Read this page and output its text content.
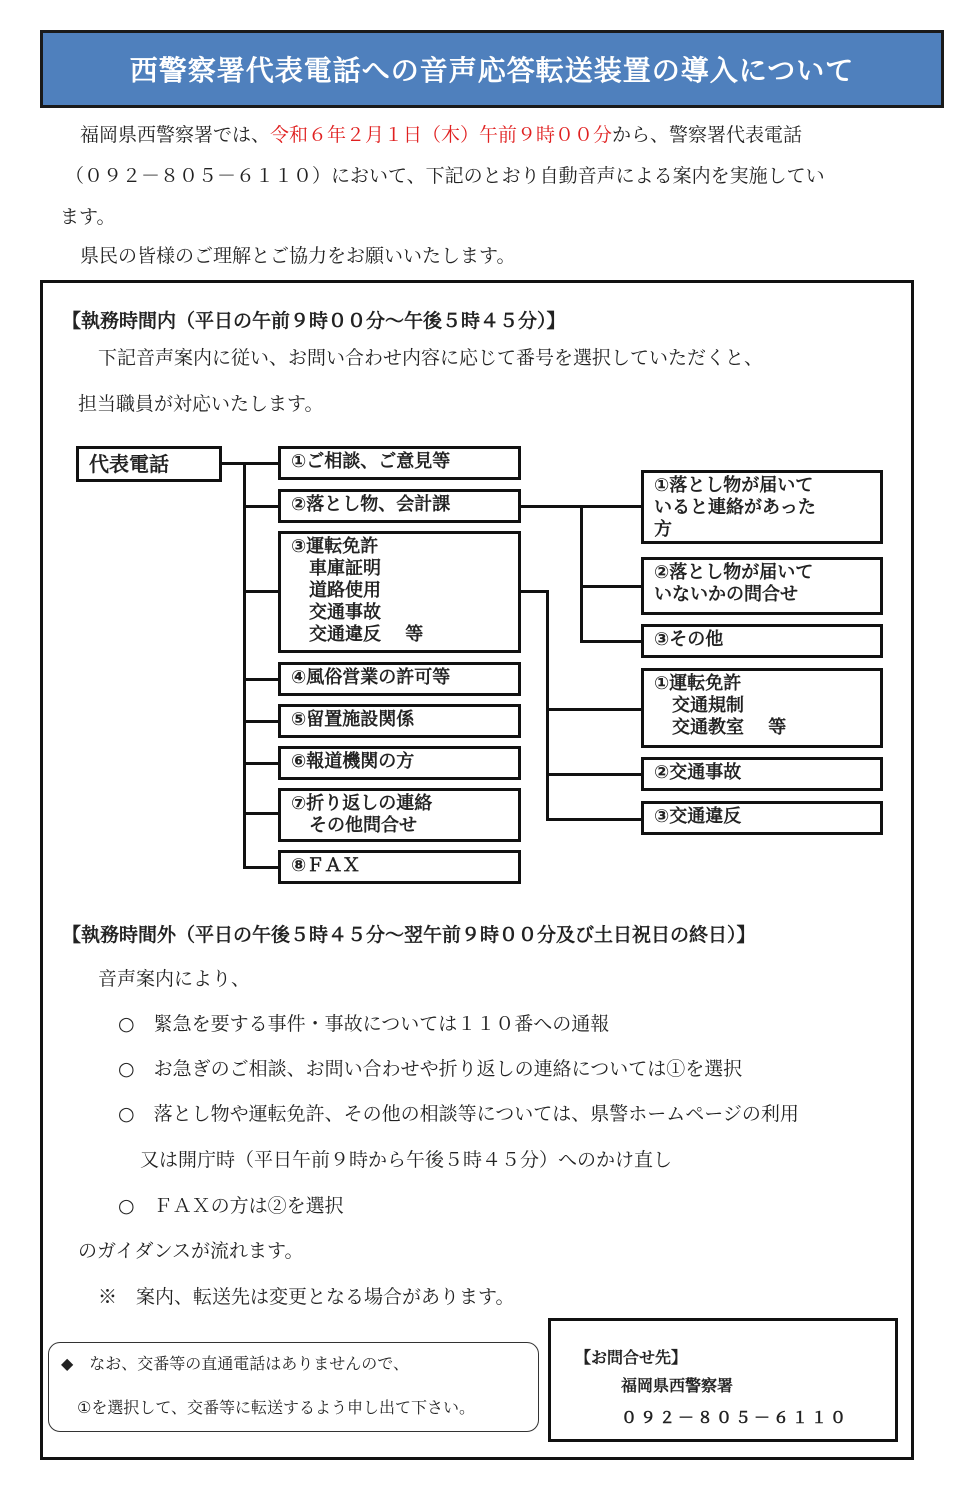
西警察署代表電話への音声応答転送装置の導入について
福岡県西警察署では、令和６年２月１日（木）午前９時００分から、警察署代表電話
（０９２－８０５－６１１０）において、下記のとおり自動音声による案内を実施してい
ます。
県民の皆様のご理解とご協力をお願いいたします。
【執務時間内（平日の午前９時００分～午後５時４５分）】
下記音声案内に従い、お問い合わせ内容に応じて番号を選択していただくと、
担当職員が対応いたします。
代表電話	①ご相談、ご意見等
②落とし物、会計課
③運転免許
　車庫証明
　道路使用
　交通事故
　交通違反　 等
④風俗営業の許可等
⑤留置施設関係
⑥報道機関の方
⑦折り返しの連絡
　その他問合せ
⑧ＦＡＸ
①落とし物が届いて
いると連絡があった
方
②落とし物が届いて
いないかの問合せ
③その他
①運転免許
　交通規制
　交通教室　 等
②交通事故
③交通違反
【執務時間外（平日の午後５時４５分～翌午前９時００分及び土日祝日の終日）】
音声案内により、
○　緊急を要する事件・事故については１１０番への通報
○　お急ぎのご相談、お問い合わせや折り返しの連絡については①を選択
○　落とし物や運転免許、その他の相談等については、県警ホームページの利用
又は開庁時（平日午前９時から午後５時４５分）へのかけ直し
○　ＦＡＸの方は②を選択
のガイダンスが流れます。
※　案内、転送先は変更となる場合があります。
◆　なお、交番等の直通電話はありませんので、
①を選択して、交番等に転送するよう申し出て下さい。
【お問合せ先】
福岡県西警察署
０９２－８０５－６１１０
